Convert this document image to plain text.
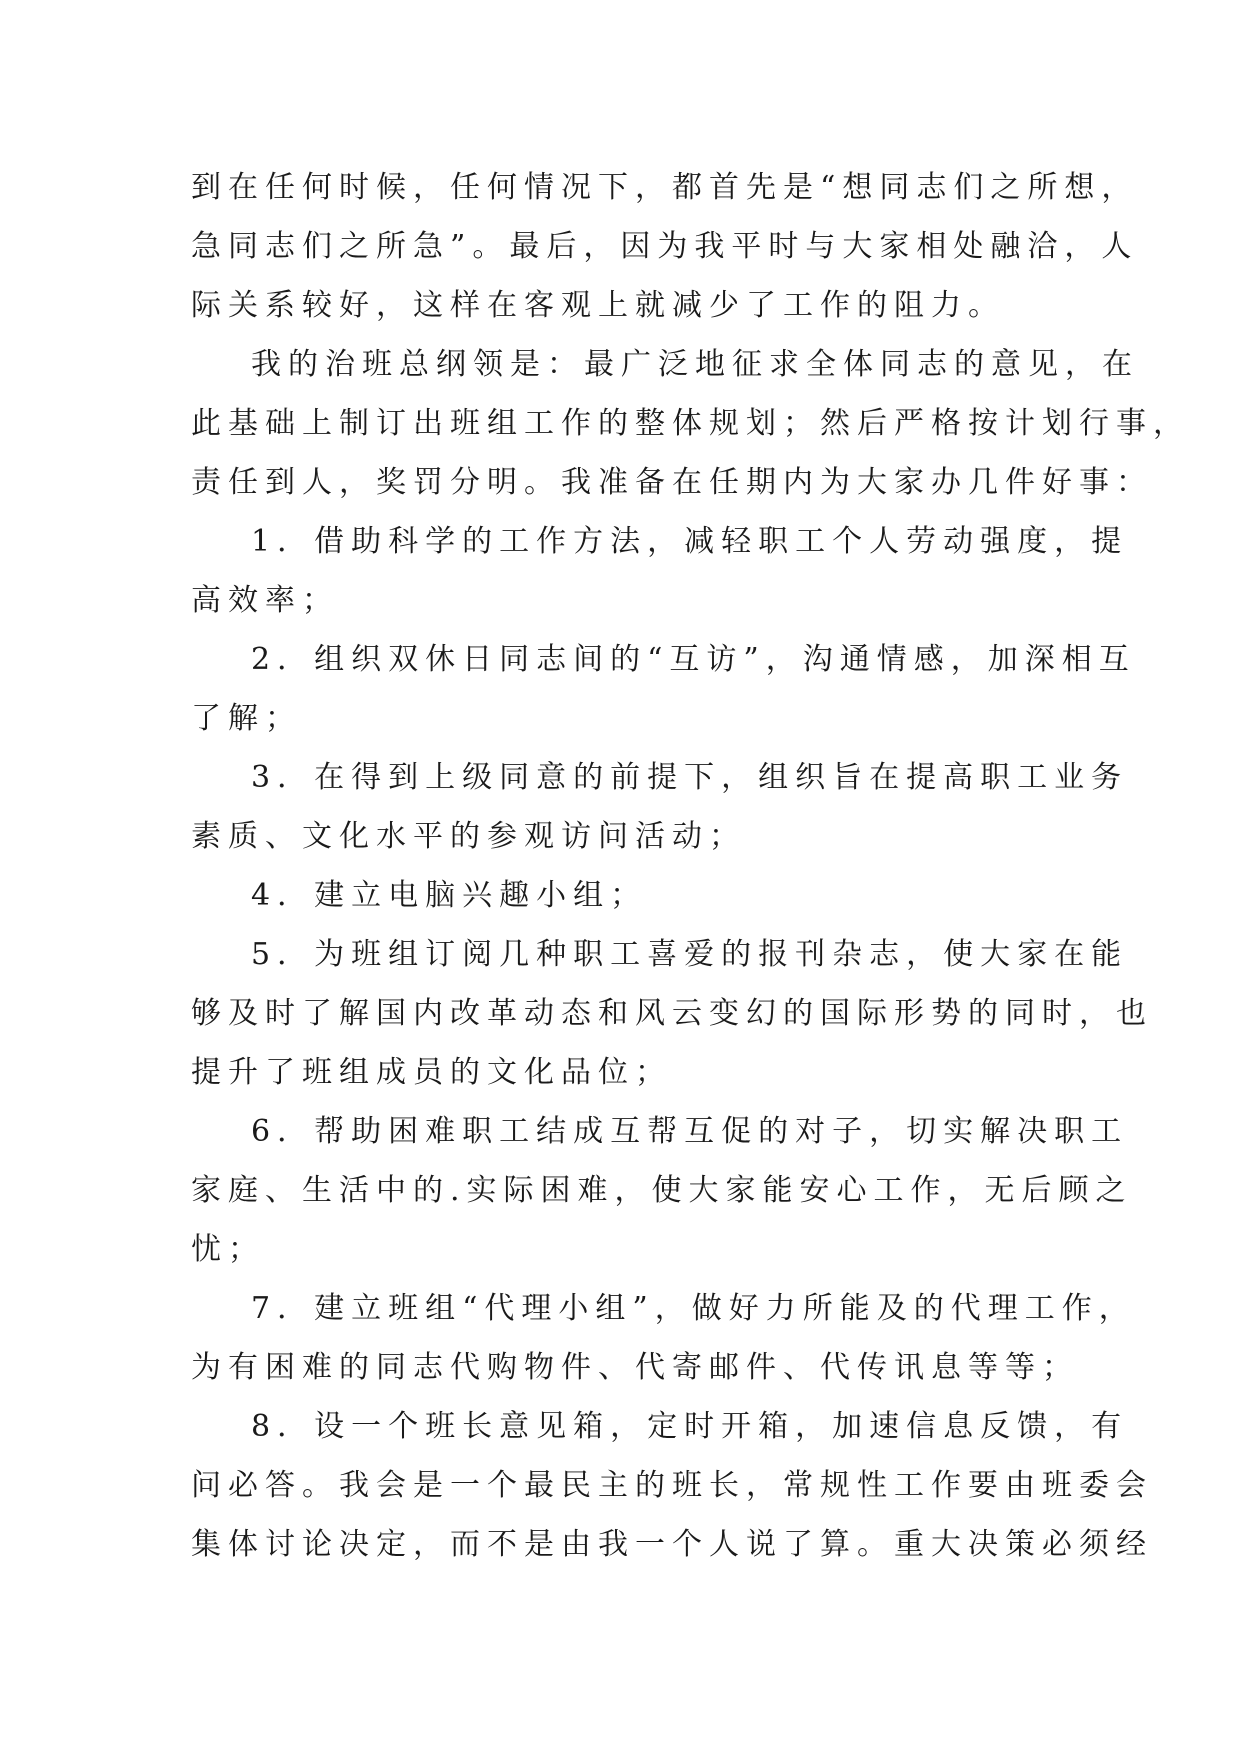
到在任何时候，任何情况下，都首先是“想同志们之所想，
急同志们之所急”。最后，因为我平时与大家相处融洽，人
际关系较好，这样在客观上就减少了工作的阻力。
我的治班总纲领是：最广泛地征求全体同志的意见，在
此基础上制订出班组工作的整体规划；然后严格按计划行事，
责任到人，奖罚分明。我准备在任期内为大家办几件好事：
1．借助科学的工作方法，减轻职工个人劳动强度，提
高效率；
2．组织双休日同志间的“互访”，沟通情感，加深相互
了解；
3．在得到上级同意的前提下，组织旨在提高职工业务
素质、文化水平的参观访问活动；
4．建立电脑兴趣小组；
5．为班组订阅几种职工喜爱的报刊杂志，使大家在能
够及时了解国内改革动态和风云变幻的国际形势的同时，也
提升了班组成员的文化品位；
6．帮助困难职工结成互帮互促的对子，切实解决职工
家庭、生活中的.实际困难，使大家能安心工作，无后顾之
忧；
7．建立班组“代理小组”，做好力所能及的代理工作，
为有困难的同志代购物件、代寄邮件、代传讯息等等；
8．设一个班长意见箱，定时开箱，加速信息反馈，有
问必答。我会是一个最民主的班长，常规性工作要由班委会
集体讨论决定，而不是由我一个人说了算。重大决策必须经
